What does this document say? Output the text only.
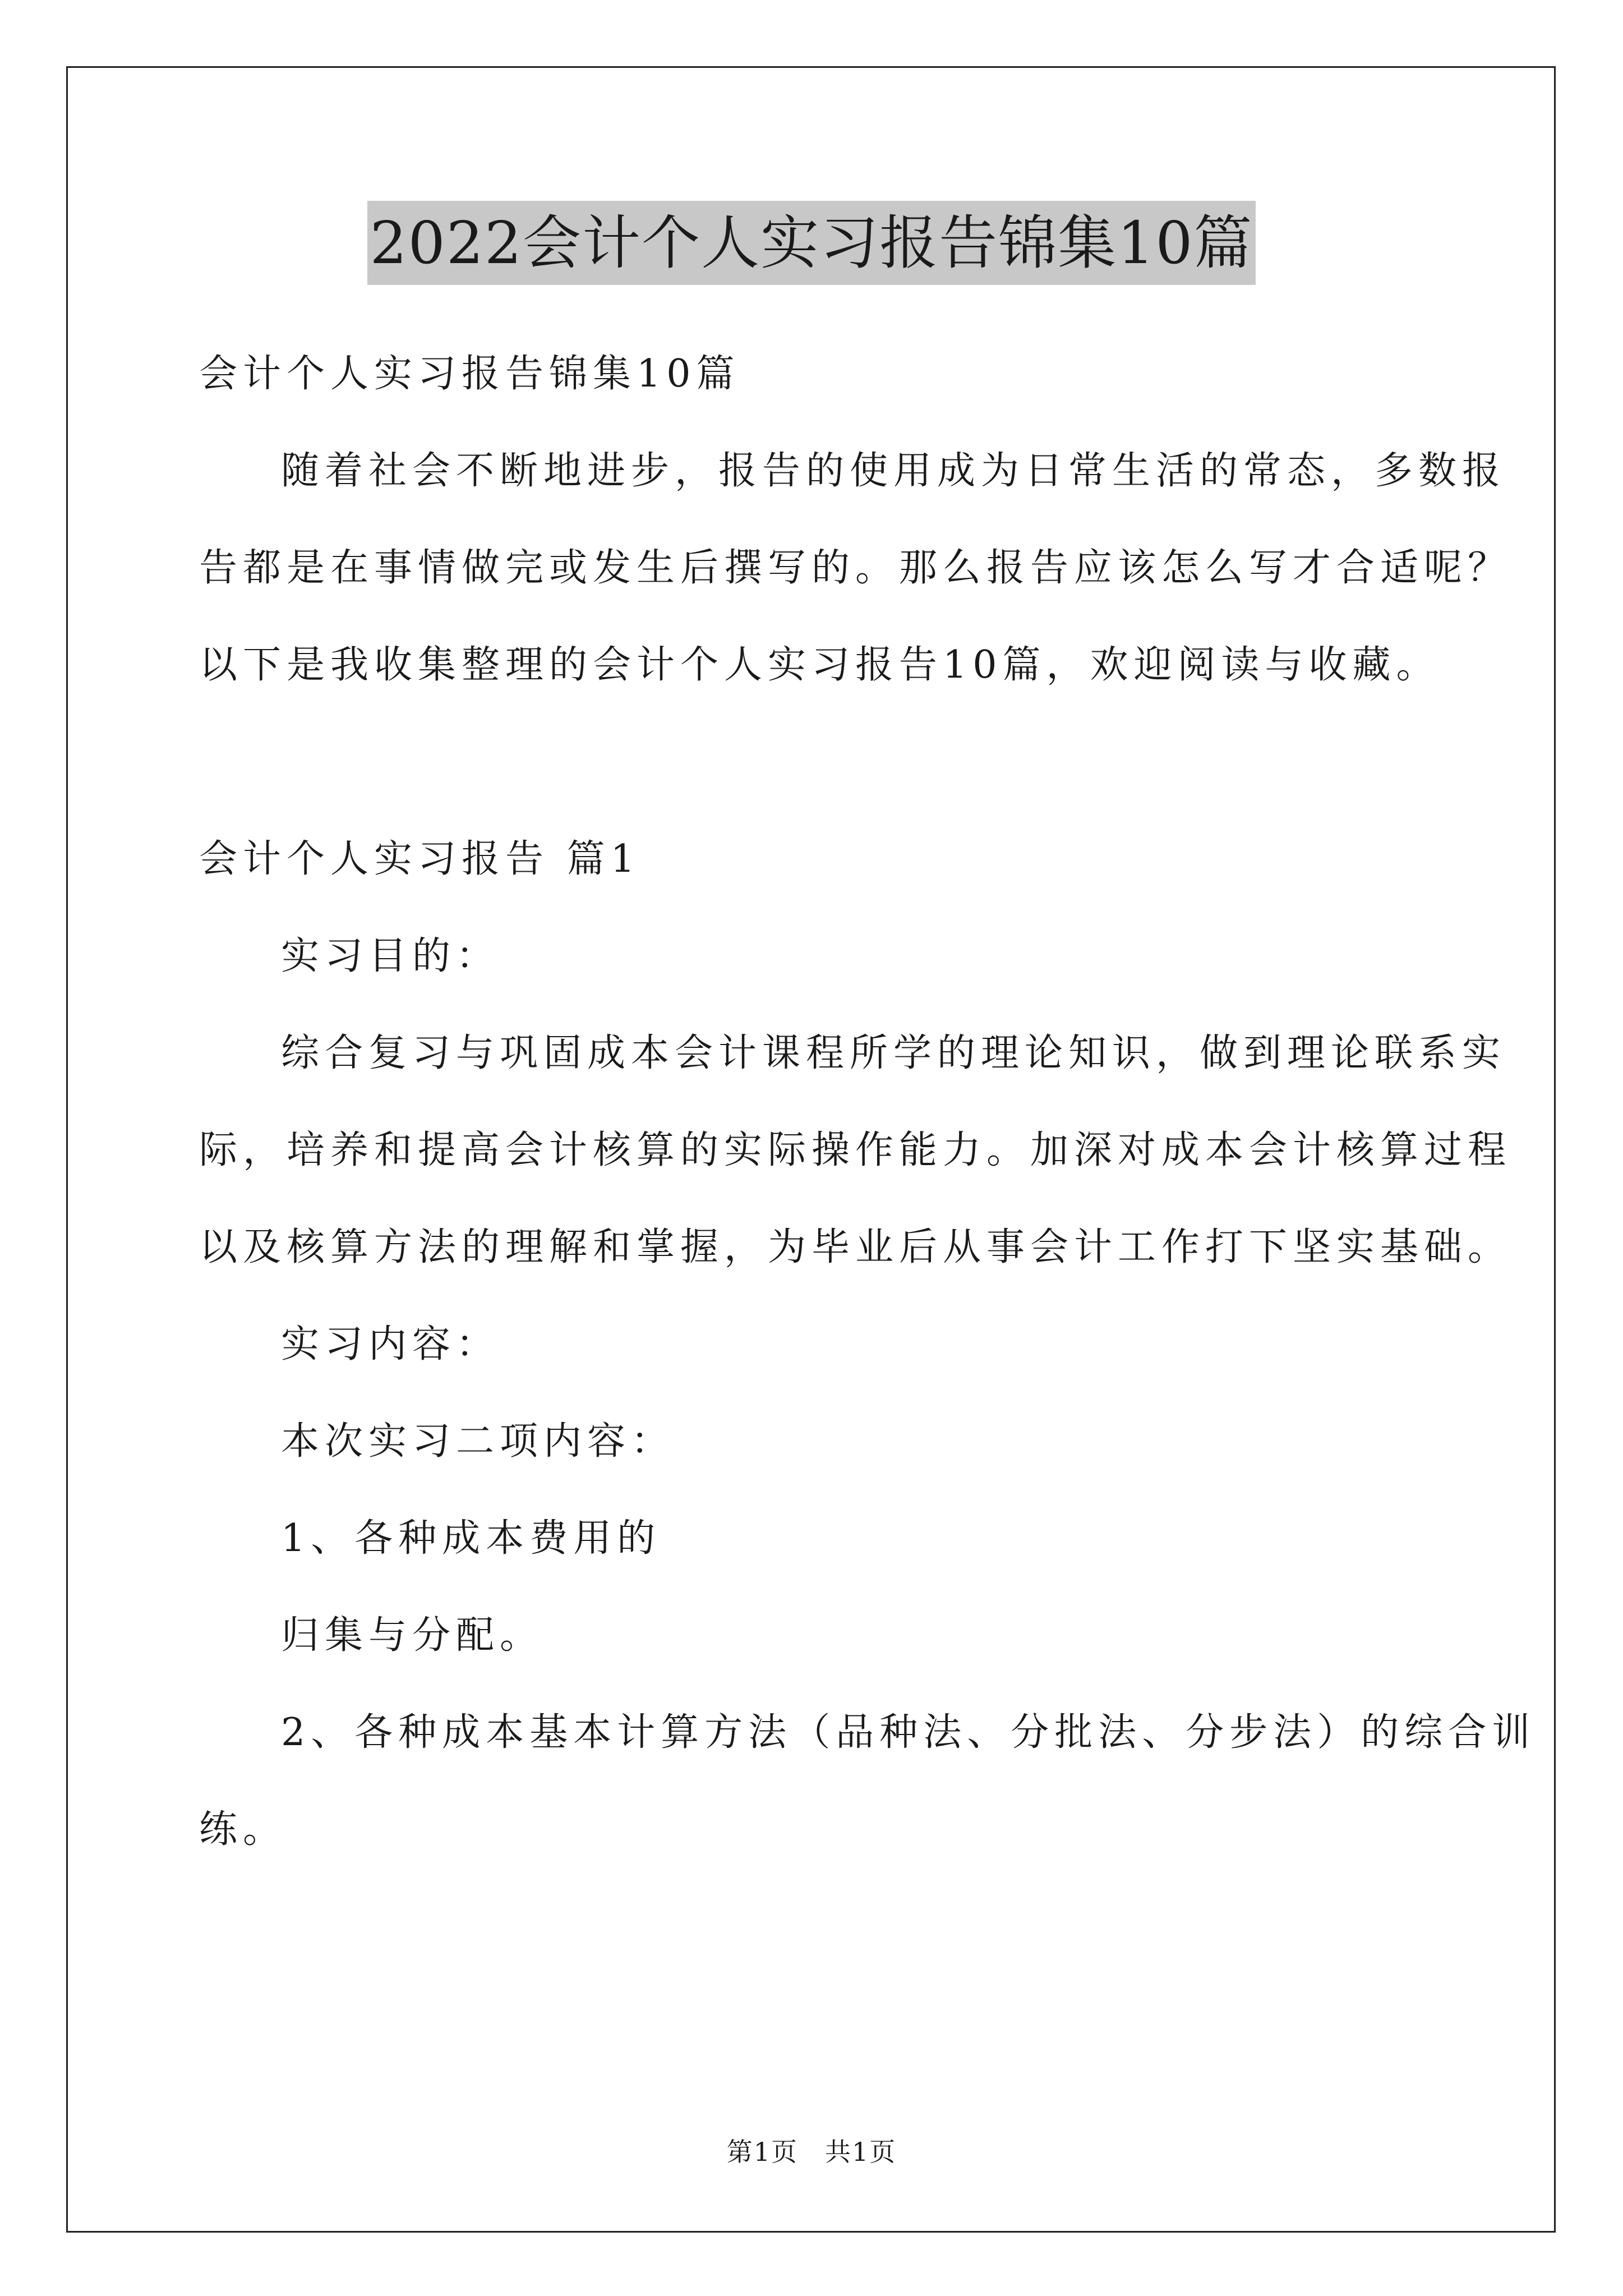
2022会计个人实习报告锦集10篇
会计个人实习报告锦集10篇
随着社会不断地进步，报告的使用成为日常生活的常态，多数报
告都是在事情做完或发生后撰写的。那么报告应该怎么写才合适呢？
以下是我收集整理的会计个人实习报告10篇，欢迎阅读与收藏。
会计个人实习报告 篇1
实习目的：
综合复习与巩固成本会计课程所学的理论知识，做到理论联系实
际，培养和提高会计核算的实际操作能力。加深对成本会计核算过程
以及核算方法的理解和掌握，为毕业后从事会计工作打下坚实基础。
实习内容：
本次实习二项内容：
1、各种成本费用的
归集与分配。
2、各种成本基本计算方法（品种法、分批法、分步法）的综合训
练。
第1页　共1页
